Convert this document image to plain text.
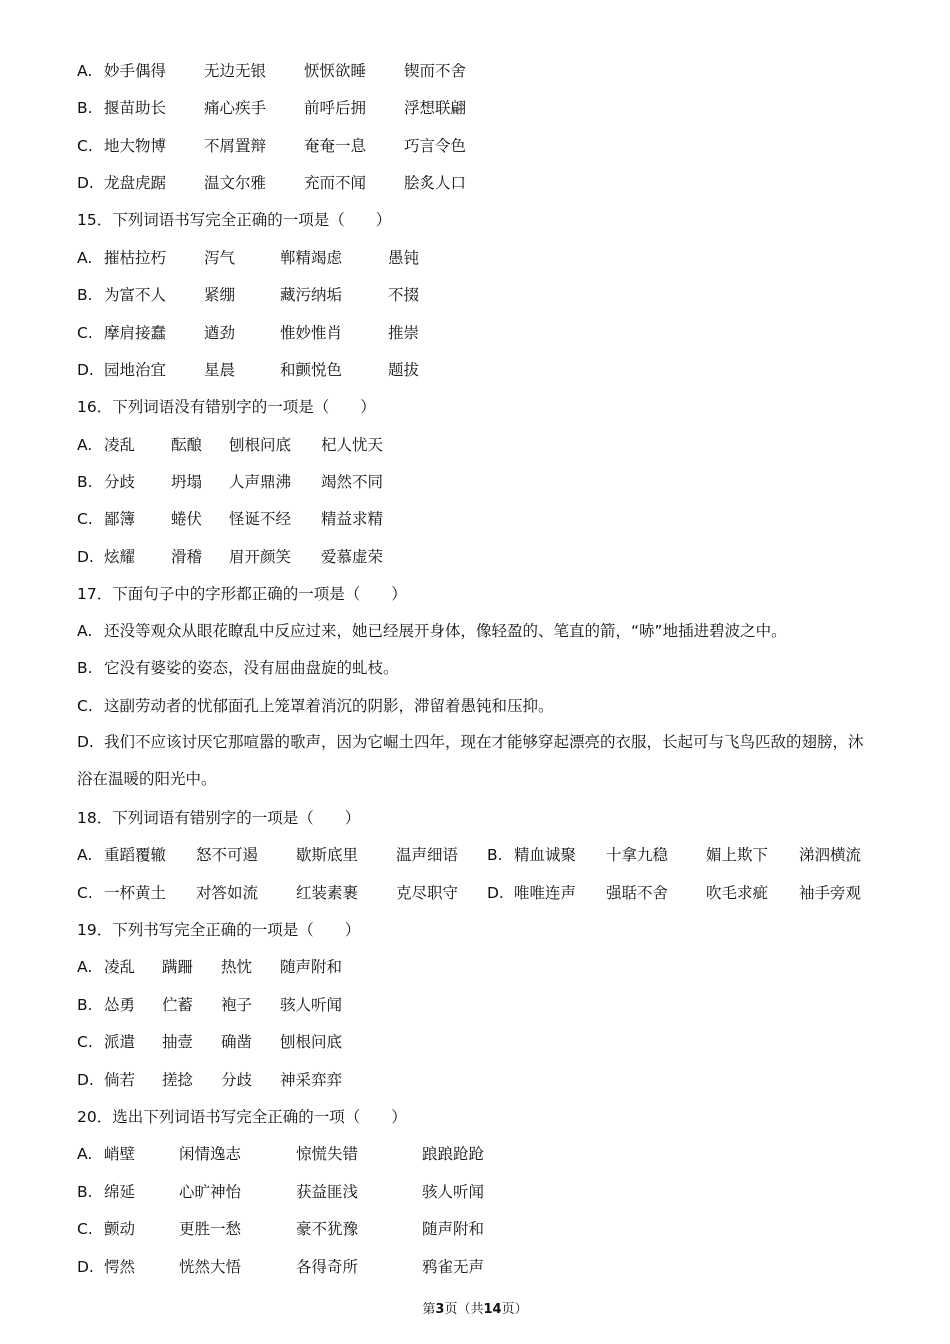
A. 妙手偶得 无边无银 恹恹欲睡 锲而不舍
B. 揠苗助长 痛心疾手 前呼后拥 浮想联翩
C. 地大物博 不屑置辩 奄奄一息 巧言令色
D. 龙盘虎踞 温文尔雅 充而不闻 脍炙人口
15．下列词语书写完全正确的一项是（　　）
A. 摧枯拉朽 泻气	郸精竭虑	愚钝
B. 为富不人 紧绷	藏污纳垢	不掇
C. 摩肩接蠢 遒劲	惟妙惟肖	推崇
D. 园地治宜 星晨	和颤悦色	题拔
16．下列词语没有错别字的一项是（　　）
A. 凌乱 酝酿 刨根问底 杞人忧天
B. 分歧 坍塌 人声鼎沸 竭然不同
C. 鄙簿 蜷伏 怪诞不经 精益求精
D. 炫耀 滑稽 眉开颜笑 爱慕虚荣
17．下面句子中的字形都正确的一项是（　　）
A. 还没等观众从眼花瞭乱中反应过来，她已经展开身体，像轻盈的、笔直的箭，“哧”地插进碧波之中。
B. 它没有婆娑的姿态，没有屈曲盘旋的虬枝。
C. 这副劳动者的忧郁面孔上笼罩着消沉的阴影，滞留着愚钝和压抑。
D. 我们不应该讨厌它那喧嚣的歌声，因为它崛土四年，现在才能够穿起漂亮的衣服，长起可与飞鸟匹敌的翅膀，沐浴在温暖的阳光中。
18．下列词语有错别字的一项是（　　）
A. 重蹈覆辙 怒不可遏 歇斯底里 温声细语 B. 精血诚聚 十拿九稳 媚上欺下 涕泗横流
C. 一杯黄土 对答如流 红装素裹 克尽职守 D. 唯唯连声 强聒不舍 吹毛求疵 袖手旁观
19．下列书写完全正确的一项是（　　）
A. 凌乱 蹒跚 热忱 随声附和
B. 怂勇 伫蓄 袍子 骇人听闻
C. 派遣 抽壹 确凿 刨根问底
D. 倘若 搓捻 分歧 神采弈弈
20．选出下列词语书写完全正确的一项（　　）
A. 峭壁	闲情逸志	惊慌失错	踉踉跄跄
B. 绵延	心旷神怡	获益匪浅	骇人听闻
C. 颤动	更胜一愁	豪不犹豫	随声附和
D. 愕然	恍然大悟	各得奇所	鸦雀无声
第3页（共14页）
